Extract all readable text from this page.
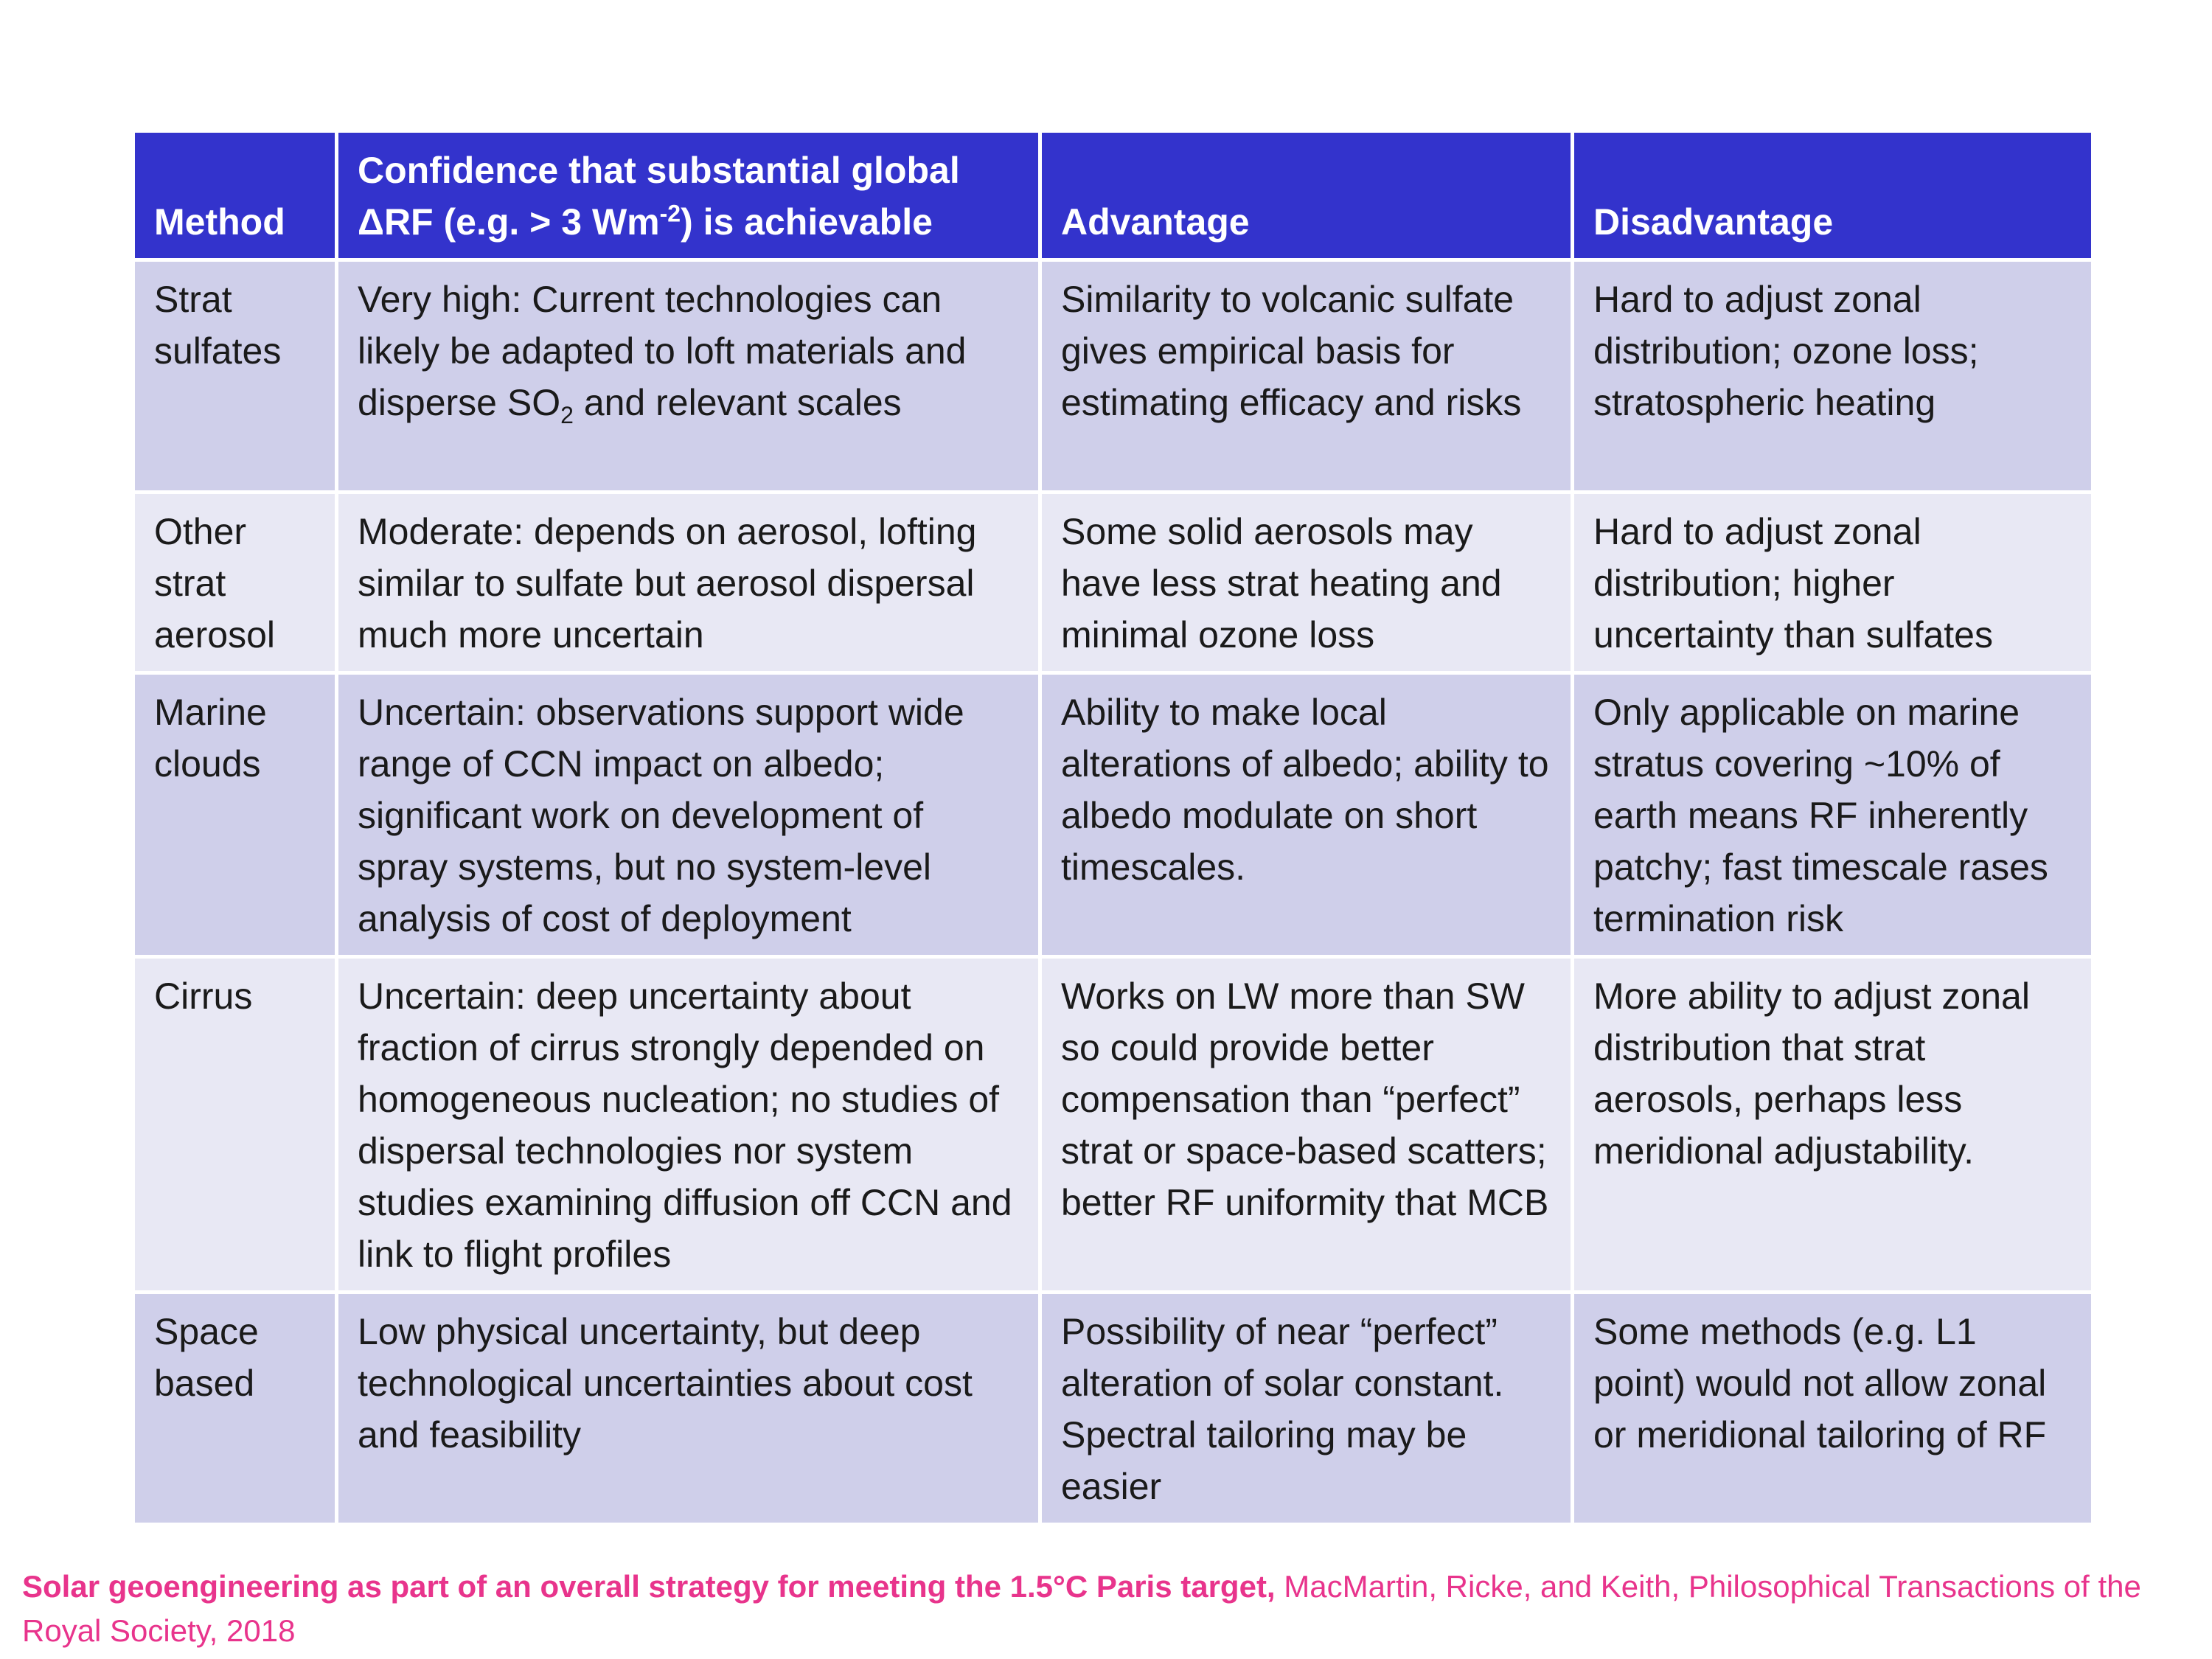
Method	Confidence that substantial global ΔRF (e.g. > 3 $Wm^{-2}$) is achievable	Advantage	Disadvantage
Strat sulfates	Very high: Current technologies can likely be adapted to loft materials and disperse $SO_2$ and relevant scales	Similarity to volcanic sulfate gives empirical basis for estimating efficacy and risks	Hard to adjust zonal distribution; ozone loss; stratospheric heating
Other strat aerosol	Moderate: depends on aerosol, lofting similar to sulfate but aerosol dispersal much more uncertain	Some solid aerosols may have less strat heating and minimal ozone loss	Hard to adjust zonal distribution; higher uncertainty than sulfates
Marine clouds	Uncertain: observations support wide range of CCN impact on albedo; significant work on development of spray systems, but no system-level analysis of cost of deployment	Ability to make local alterations of albedo; ability to albedo modulate on short timescales.	Only applicable on marine stratus covering ~10% of earth means RF inherently patchy; fast timescale rases termination risk
Cirrus	Uncertain: deep uncertainty about fraction of cirrus strongly depended on homogeneous nucleation; no studies of dispersal technologies nor system studies examining diffusion off CCN and link to flight profiles	Works on LW more than SW so could provide better compensation than “perfect” strat or space-based scatters; better RF uniformity that MCB	More ability to adjust zonal distribution that strat aerosols, perhaps less meridional adjustability.
Space based	Low physical uncertainty, but deep technological uncertainties about cost and feasibility	Possibility of near “perfect” alteration of solar constant. Spectral tailoring may be easier	Some methods (e.g. L1 point) would not allow zonal or meridional tailoring of RF
Solar geoengineering as part of an overall strategy for meeting the 1.5°C Paris target, MacMartin, Ricke, and Keith, Philosophical Transactions of the Royal Society, 2018
